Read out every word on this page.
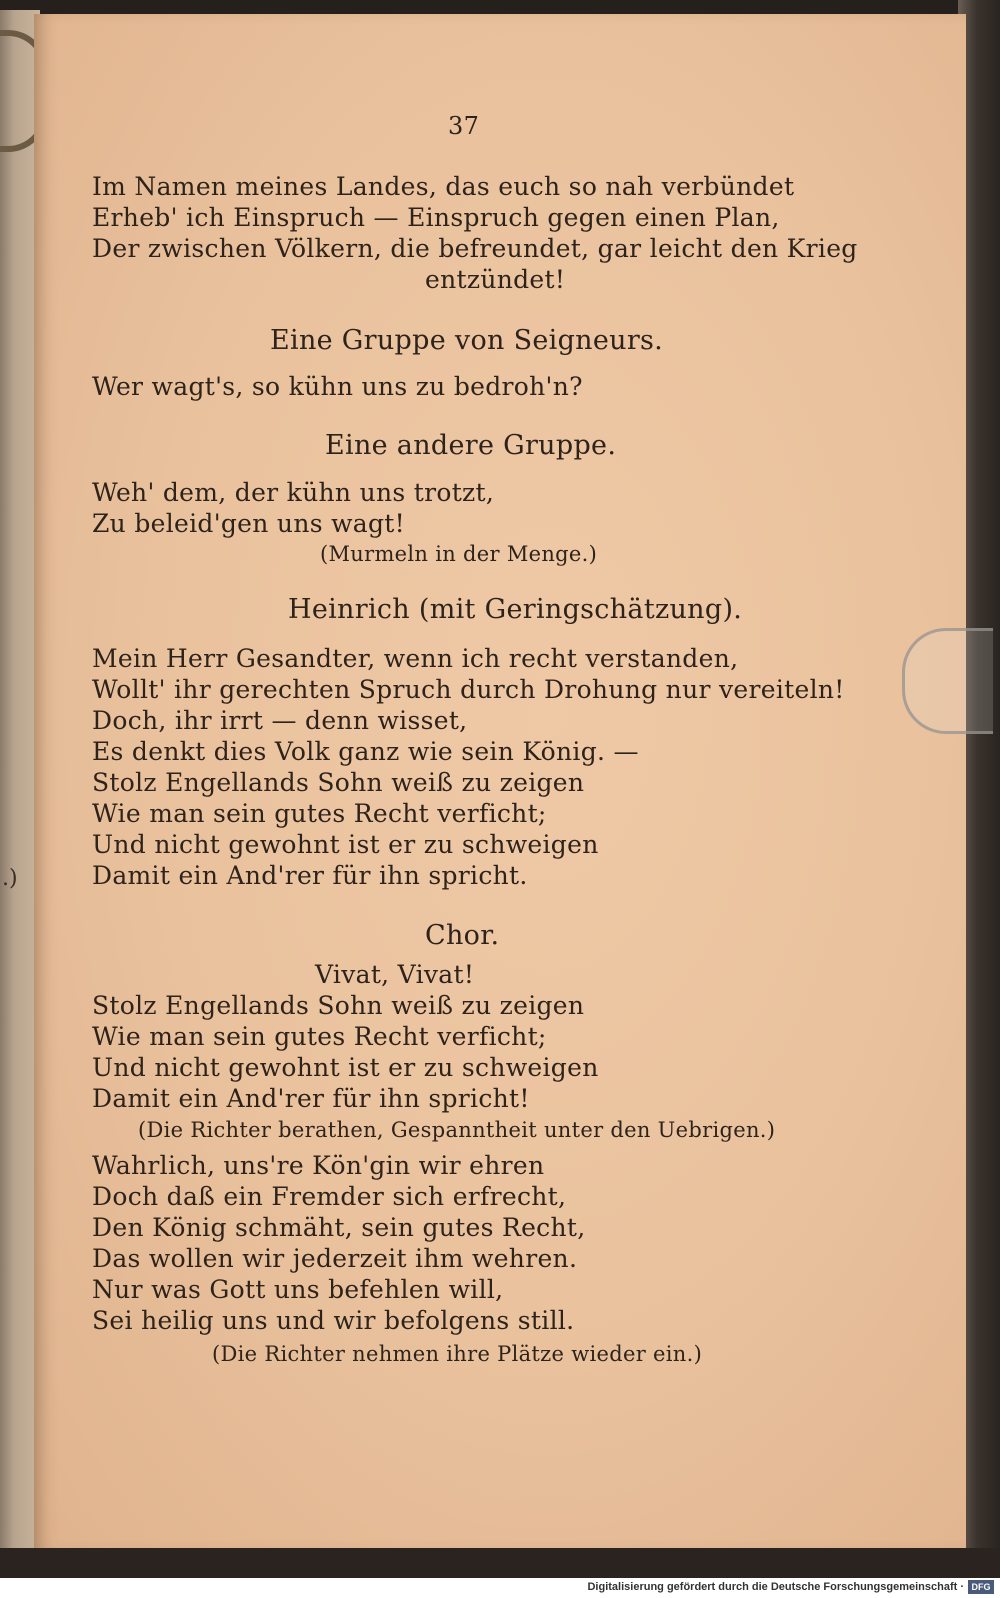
.)
37
Im Namen meines Landes, das euch so nah verbündet
Erheb' ich Einspruch — Einspruch gegen einen Plan,
Der zwischen Völkern, die befreundet, gar leicht den Krieg
entzündet!
Eine Gruppe von Seigneurs.
Wer wagt's, so kühn uns zu bedroh'n?
Eine andere Gruppe.
Weh' dem, der kühn uns trotzt,
Zu beleid'gen uns wagt!
(Murmeln in der Menge.)
Heinrich (mit Geringschätzung).
Mein Herr Gesandter, wenn ich recht verstanden,
Wollt' ihr gerechten Spruch durch Drohung nur vereiteln!
Doch, ihr irrt — denn wisset,
Es denkt dies Volk ganz wie sein König. —
Stolz Engellands Sohn weiß zu zeigen
Wie man sein gutes Recht verficht;
Und nicht gewohnt ist er zu schweigen
Damit ein And'rer für ihn spricht.
Chor.
Vivat, Vivat!
Stolz Engellands Sohn weiß zu zeigen
Wie man sein gutes Recht verficht;
Und nicht gewohnt ist er zu schweigen
Damit ein And'rer für ihn spricht!
(Die Richter berathen, Gespanntheit unter den Uebrigen.)
Wahrlich, uns're Kön'gin wir ehren
Doch daß ein Fremder sich erfrecht,
Den König schmäht, sein gutes Recht,
Das wollen wir jederzeit ihm wehren.
Nur was Gott uns befehlen will,
Sei heilig uns und wir befolgens still.
(Die Richter nehmen ihre Plätze wieder ein.)
Digitalisierung gefördert durch die Deutsche Forschungsgemeinschaft · DFG
